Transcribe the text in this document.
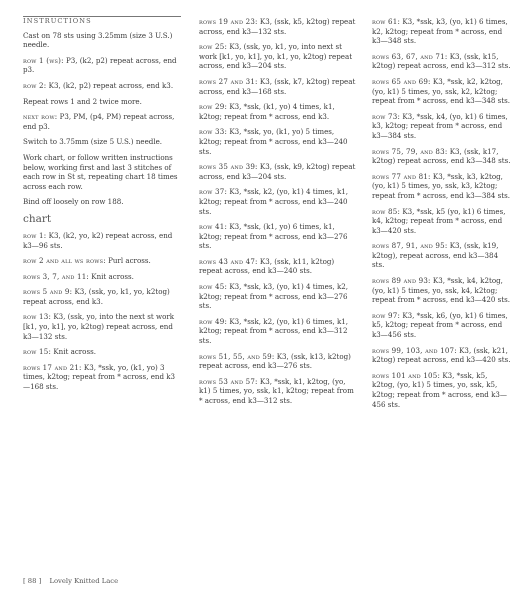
INSTRUCTIONS

Cast on 78 sts using 3.25mm (size 3 U.S.) needle.

row 1 (ws): P3, (k2, p2) repeat across, end p3.

row 2: K3, (k2, p2) repeat across, end k3.

Repeat rows 1 and 2 twice more.

next row: P3, PM, (p4, PM) repeat across, end p3.

Switch to 3.75mm (size 5 U.S.) needle.

Work chart, or follow written instructions below, working first and last 3 stitches of each row in St st, repeating chart 18 times across each row.

Bind off loosely on row 188.

chart

row 1: K3, (k2, yo, k2) repeat across, end k3—96 sts.

row 2 and all ws rows: Purl across.

rows 3, 7, and 11: Knit across.

rows 5 and 9: K3, (ssk, yo, k1, yo, k2tog) repeat across, end k3.

row 13: K3, (ssk, yo, into the next st work [k1, yo, k1], yo, k2tog) repeat across, end k3—132 sts.

row 15: Knit across.

rows 17 and 21: K3, *ssk, yo, (k1, yo) 3 times, k2tog; repeat from * across, end k3—168 sts.

rows 19 and 23: K3, (ssk, k5, k2tog) repeat across, end k3—132 sts.

row 25: K3, (ssk, yo, k1, yo, into next st work [k1, yo, k1], yo, k1, yo, k2tog) repeat across, end k3—204 sts.

rows 27 and 31: K3, (ssk, k7, k2tog) repeat across, end k3—168 sts.

row 29: K3, *ssk, (k1, yo) 4 times, k1, k2tog; repeat from * across, end k3.

row 33: K3, *ssk, yo, (k1, yo) 5 times, k2tog; repeat from * across, end k3—240 sts.

rows 35 and 39: K3, (ssk, k9, k2tog) repeat across, end k3—204 sts.

row 37: K3, *ssk, k2, (yo, k1) 4 times, k1, k2tog; repeat from * across, end k3—240 sts.

row 41: K3, *ssk, (k1, yo) 6 times, k1, k2tog; repeat from * across, end k3—276 sts.

rows 43 and 47: K3, (ssk, k11, k2tog) repeat across, end k3—240 sts.

row 45: K3, *ssk, k3, (yo, k1) 4 times, k2, k2tog; repeat from * across, end k3—276 sts.

row 49: K3, *ssk, k2, (yo, k1) 6 times, k1, k2tog; repeat from * across, end k3—312 sts.

rows 51, 55, and 59: K3, (ssk, k13, k2tog) repeat across, end k3—276 sts.

rows 53 and 57: K3, *ssk, k1, k2tog, (yo, k1) 5 times, yo, ssk, k1, k2tog; repeat from * across, end k3—312 sts.

row 61: K3, *ssk, k3, (yo, k1) 6 times, k2, k2tog; repeat from * across, end k3—348 sts.

rows 63, 67, and 71: K3, (ssk, k15, k2tog) repeat across, end k3—312 sts.

rows 65 and 69: K3, *ssk, k2, k2tog, (yo, k1) 5 times, yo, ssk, k2, k2tog; repeat from * across, end k3—348 sts.

row 73: K3, *ssk, k4, (yo, k1) 6 times, k3, k2tog; repeat from * across, end k3—384 sts.

rows 75, 79, and 83: K3, (ssk, k17, k2tog) repeat across, end k3—348 sts.

rows 77 and 81: K3, *ssk, k3, k2tog, (yo, k1) 5 times, yo, ssk, k3, k2tog; repeat from * across, end k3—384 sts.

row 85: K3, *ssk, k5 (yo, k1) 6 times, k4, k2tog; repeat from * across, end k3—420 sts.

rows 87, 91, and 95: K3, (ssk, k19, k2tog), repeat across, end k3—384 sts.

rows 89 and 93: K3, *ssk, k4, k2tog, (yo, k1) 5 times, yo, ssk, k4, k2tog; repeat from * across, end k3—420 sts.

row 97: K3, *ssk, k6, (yo, k1) 6 times, k5, k2tog; repeat from * across, end k3—456 sts.

rows 99, 103, and 107: K3, (ssk, k21, k2tog) repeat across, end k3—420 sts.

rows 101 and 105: K3, *ssk, k5, k2tog, (yo, k1) 5 times, yo, ssk, k5, k2tog; repeat from * across, end k3—456 sts.

[ 88 ] Lovely Knitted Lace
